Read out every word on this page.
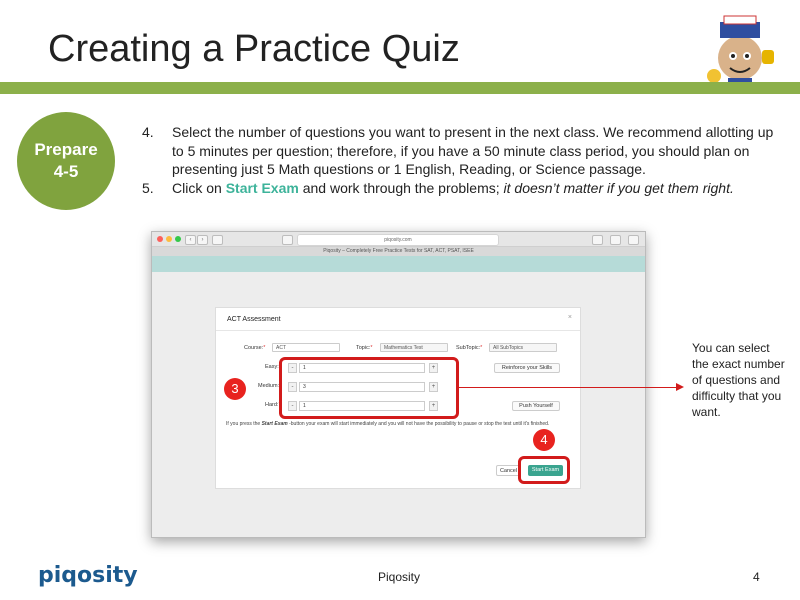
Creating a Practice Quiz
Prepare
4-5
4. Select the number of questions you want to present in the next class. We recommend allotting up to 5 minutes per question; therefore, if you have a 50 minute class period, you should plan on presenting just 5 Math questions or 1 English, Reading, or Science passage.
5. Click on Start Exam and work through the problems; it doesn’t matter if you get them right.
‹	›	piqosity.com
Piqosity – Completely Free Practice Tests for SAT, ACT, PSAT, ISEE
ACT Assessment	×
Course:*	ACT	Topic:*	Mathematics Test	SubTopic:*	All SubTopics
Easy:*	-	1	+	Reinforce your Skills
Medium:*	-	3	+
Hard:*	-	1	+	Push Yourself
If you press the Start Exam -button your exam will start immediately and you will not have the possibility to pause or stop the test until it's finished.
Cancel	Start Exam
3
4
You can select the exact number of questions and difficulty that you want.
piqosity	Piqosity	4
